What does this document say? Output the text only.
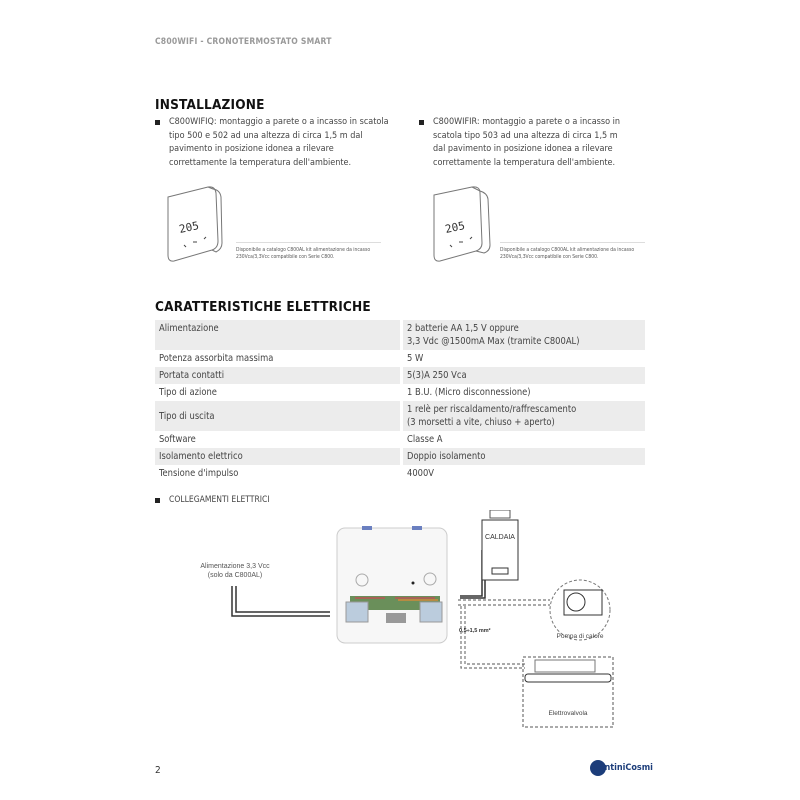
C800WIFI - CRONOTERMOSTATO SMART
INSTALLAZIONE
C800WIFIQ: montaggio a parete o a incasso in scatola tipo 500 e 502 ad una altezza di circa 1,5 m dal pavimento in posizione idonea a rilevare correttamente la temperatura dell'ambiente.
C800WIFIR: montaggio a parete o a incasso in scatola tipo 503 ad una altezza di circa 1,5 m dal pavimento in posizione idonea a rilevare correttamente la temperatura dell'ambiente.
205
Disponibile a catalogo C800AL kit alimentazione da incasso 230Vca/3,3Vcc compatibile con Serie C800.
205
Disponibile a catalogo C800AL kit alimentazione da incasso 230Vca/3,3Vcc compatibile con Serie C800.
CARATTERISTICHE ELETTRICHE
Alimentazione	2 batterie AA 1,5 V oppure
3,3 Vdc @1500mA Max (tramite C800AL)

Potenza assorbita massima	5 W
Portata contatti	5(3)A 250 Vca
Tipo di azione	1 B.U. (Micro disconnessione)
Tipo di uscita	1 relè per riscaldamento/raffrescamento
(3 morsetti a vite, chiuso + aperto)

Software	Classe A
Isolamento elettrico	Doppio isolamento
Tensione d'impulso	4000V
COLLEGAMENTI ELETTRICI
Alimentazione 3,3 Vcc
(solo da C800AL)
CALDAIA
0,5÷1,5 mm²
Pompa di calore
Elettrovalvola
2	FantiniCosmi
